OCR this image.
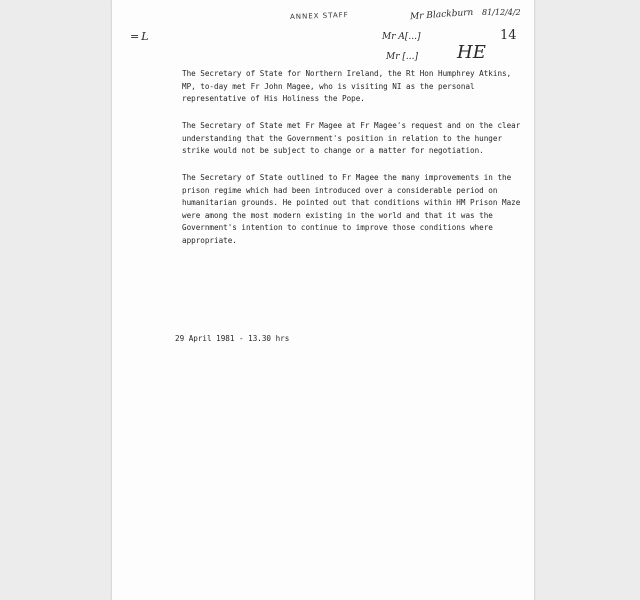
ANNEX STAFF	81/12/4/2
Mr Blackburn
14
Mr A[...]
Mr [...] HE
=L

The Secretary of State for Northern Ireland, the Rt Hon Humphrey Atkins, MP, to-day met Fr John Magee, who is visiting NI as the personal representative of His Holiness the Pope.

The Secretary of State met Fr Magee at Fr Magee's request and on the clear understanding that the Government's position in relation to the hunger strike would not be subject to change or a matter for negotiation.

The Secretary of State outlined to Fr Magee the many improvements in the prison regime which had been introduced over a considerable period on humanitarian grounds. He pointed out that conditions within HM Prison Maze were among the most modern existing in the world and that it was the Government's intention to continue to improve those conditions where appropriate.

29 April 1981 - 13.30 hrs
